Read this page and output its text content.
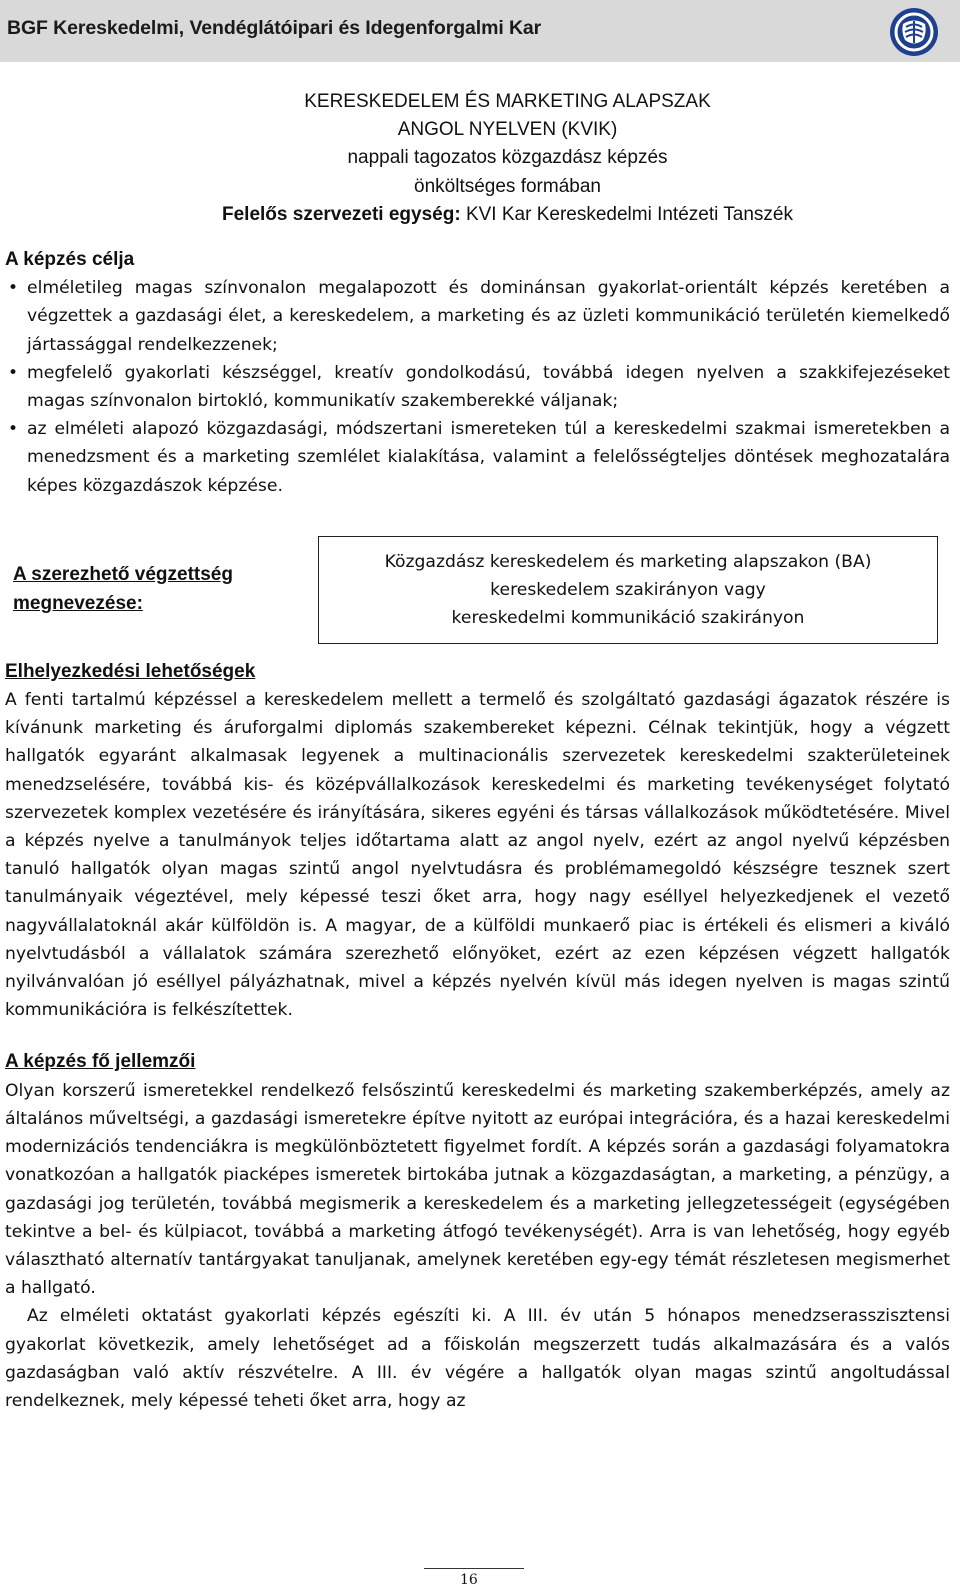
BGF Kereskedelmi, Vendéglátóipari és Idegenforgalmi Kar
KERESKEDELEM ÉS MARKETING ALAPSZAK
ANGOL NYELVEN (KVIK)
nappali tagozatos közgazdász képzés
önköltséges formában
Felelős szervezeti egység: KVI Kar Kereskedelmi Intézeti Tanszék
A képzés célja
• elméletileg magas színvonalon megalapozott és dominánsan gyakorlat-orientált képzés keretében a végzettek a gazdasági élet, a kereskedelem, a marketing és az üzleti kommunikáció területén kiemelkedő jártassággal rendelkezzenek;
• megfelelő gyakorlati készséggel, kreatív gondolkodású, továbbá idegen nyelven a szakkifejezéseket magas színvonalon birtokló, kommunikatív szakemberekké váljanak;
• az elméleti alapozó közgazdasági, módszertani ismereteken túl a kereskedelmi szakmai ismeretekben a menedzsment és a marketing szemlélet kialakítása, valamint a felelősségteljes döntések meghozatalára képes közgazdászok képzése.
A szerezhető végzettség
megnevezése:
Közgazdász kereskedelem és marketing alapszakon (BA)
kereskedelem szakirányon vagy
kereskedelmi kommunikáció szakirányon
Elhelyezkedési lehetőségek

A fenti tartalmú képzéssel a kereskedelem mellett a termelő és szolgáltató gazdasági ágazatok részére is kívánunk marketing és áruforgalmi diplomás szakembereket képezni. Célnak tekintjük, hogy a végzett hallgatók egyaránt alkalmasak legyenek a multinacionális szervezetek kereskedelmi szakterületeinek menedzselésére, továbbá kis- és középvállalkozások kereskedelmi és marketing tevékenységet folytató szervezetek komplex vezetésére és irányítására, sikeres egyéni és társas vállalkozások működtetésére. Mivel a képzés nyelve a tanulmányok teljes időtartama alatt az angol nyelv, ezért az angol nyelvű képzésben tanuló hallgatók olyan magas szintű angol nyelvtudásra és problémamegoldó készségre tesznek szert tanulmányaik végeztével, mely képessé teszi őket arra, hogy nagy eséllyel helyezkedjenek el vezető nagyvállalatoknál akár külföldön is. A magyar, de a külföldi munkaerő piac is értékeli és elismeri a kiváló nyelvtudásból a vállalatok számára szerezhető előnyöket, ezért az ezen képzésen végzett hallgatók nyilvánvalóan jó eséllyel pályázhatnak, mivel a képzés nyelvén kívül más idegen nyelven is magas szintű kommunikációra is felkészítettek.

A képzés fő jellemzői

Olyan korszerű ismeretekkel rendelkező felsőszintű kereskedelmi és marketing szakemberképzés, amely az általános műveltségi, a gazdasági ismeretekre építve nyitott az európai integrációra, és a hazai kereskedelmi modernizációs tendenciákra is megkülönböztetett figyelmet fordít. A képzés során a gazdasági folyamatokra vonatkozóan a hallgatók piacképes ismeretek birtokába jutnak a közgazdaságtan, a marketing, a pénzügy, a gazdasági jog területén, továbbá megismerik a kereskedelem és a marketing jellegzetességeit (egységében tekintve a bel- és külpiacot, továbbá a marketing átfogó tevékenységét). Arra is van lehetőség, hogy egyéb választható alternatív tantárgyakat tanuljanak, amelynek keretében egy-egy témát részletesen megismerhet a hallgató.

Az elméleti oktatást gyakorlati képzés egészíti ki. A III. év után 5 hónapos menedzserasszisztensi gyakorlat következik, amely lehetőséget ad a főiskolán megszerzett tudás alkalmazására és a valós gazdaságban való aktív részvételre. A III. év végére a hallgatók olyan magas szintű angoltudással rendelkeznek, mely képessé teheti őket arra, hogy az

16
